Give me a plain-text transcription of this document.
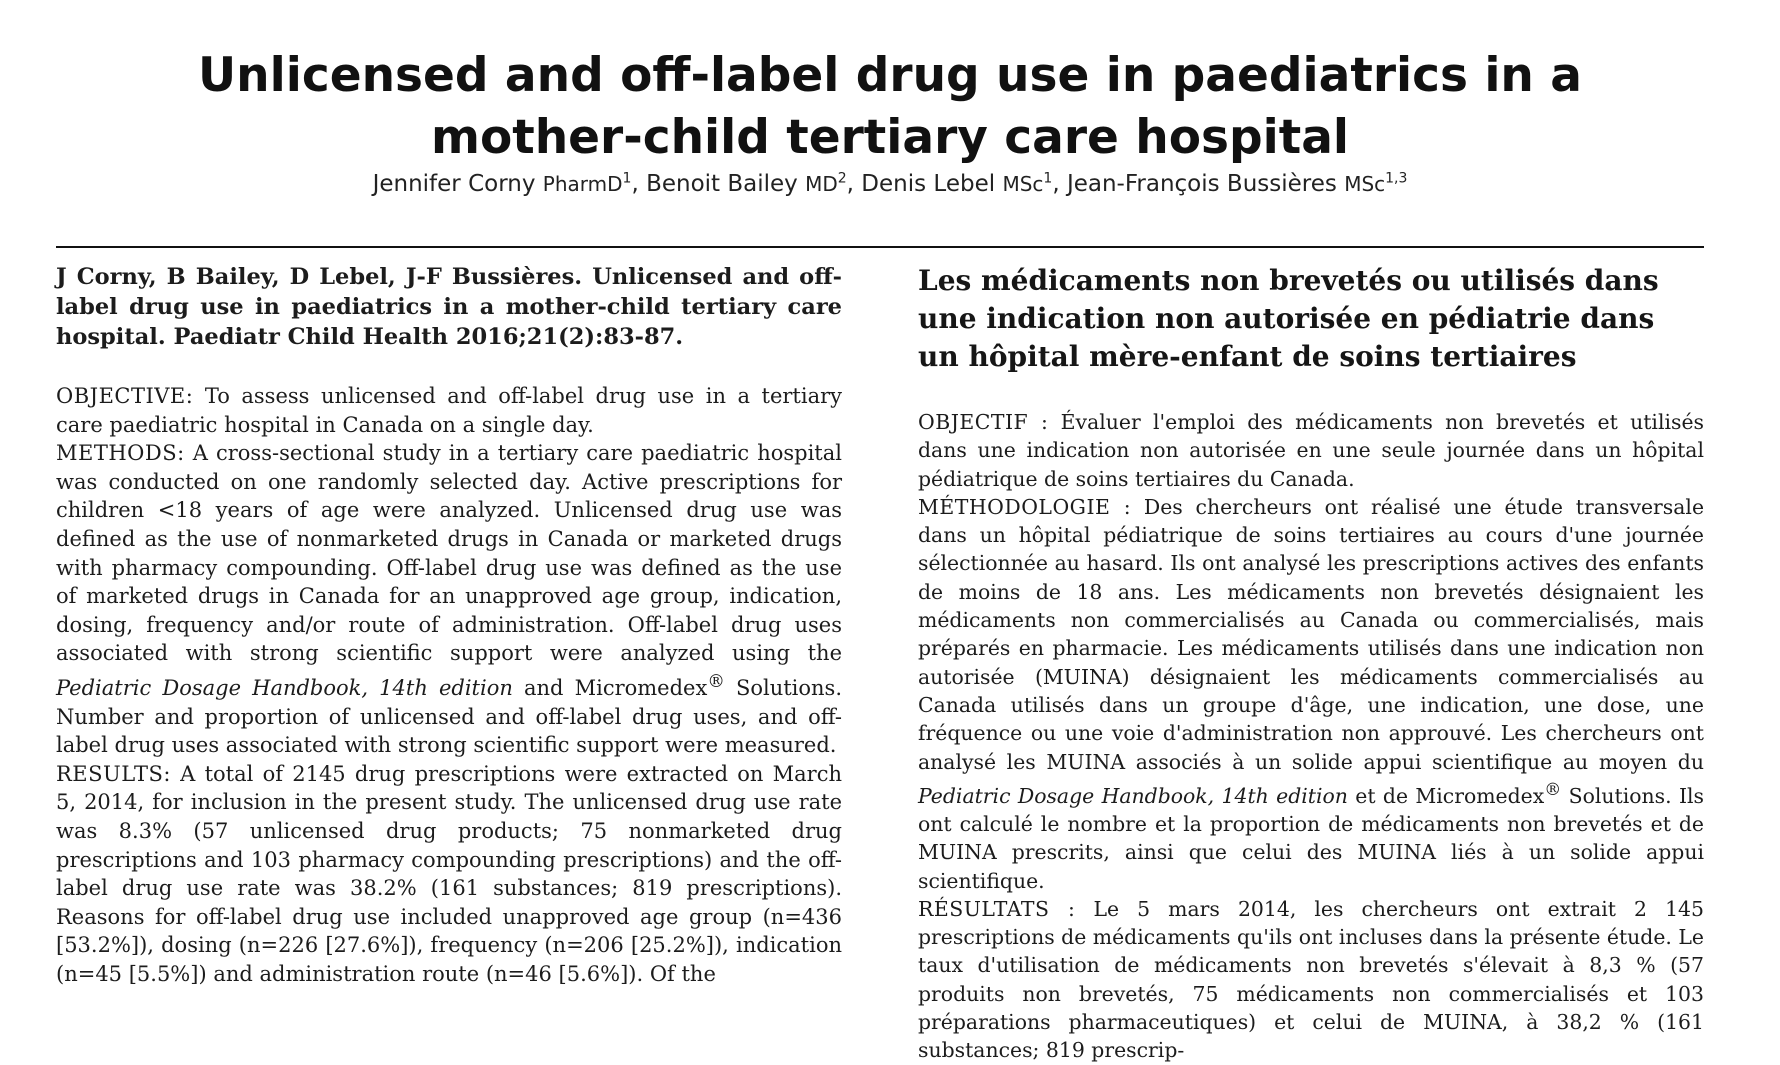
Unlicensed and off-label drug use in paediatrics in a
mother-child tertiary care hospital
Jennifer Corny PharmD$^1$, Benoit Bailey $MD^2$, Denis Lebel MSc$^1$, Jean-François Bussières MSc$^{1,3}$

J Corny, B Bailey, D Lebel, J-F Bussières. Unlicensed and off-label drug use in paediatrics in a mother-child tertiary care hospital. Paediatr Child Health 2016;21(2):83-87.

OBJECTIVE: To assess unlicensed and off-label drug use in a tertiary care paediatric hospital in Canada on a single day.

METHODS: A cross-sectional study in a tertiary care paediatric hospital was conducted on one randomly selected day. Active prescriptions for children <18 years of age were analyzed. Unlicensed drug use was defined as the use of nonmarketed drugs in Canada or marketed drugs with pharmacy compounding. Off-label drug use was defined as the use of marketed drugs in Canada for an unapproved age group, indication, dosing, frequency and/or route of administration. Off-label drug uses associated with strong scientific support were analyzed using the Pediatric Dosage Handbook, 14th edition and Micromedex® Solutions. Number and proportion of unlicensed and off-label drug uses, and off-label drug uses associated with strong scientific support were measured.

RESULTS: A total of 2145 drug prescriptions were extracted on March 5, 2014, for inclusion in the present study. The unlicensed drug use rate was 8.3% (57 unlicensed drug products; 75 nonmarketed drug prescriptions and 103 pharmacy compounding prescriptions) and the off-label drug use rate was 38.2% (161 substances; 819 prescriptions). Reasons for off-label drug use included unapproved age group (n=436 [53.2%]), dosing (n=226 [27.6%]), frequency (n=206 [25.2%]), indication (n=45 [5.5%]) and administration route (n=46 [5.6%]). Of the

Les médicaments non brevetés ou utilisés dans une indication non autorisée en pédiatrie dans un hôpital mère-enfant de soins tertiaires

OBJECTIF : Évaluer l'emploi des médicaments non brevetés et utilisés dans une indication non autorisée en une seule journée dans un hôpital pédiatrique de soins tertiaires du Canada.

MÉTHODOLOGIE : Des chercheurs ont réalisé une étude transversale dans un hôpital pédiatrique de soins tertiaires au cours d'une journée sélectionnée au hasard. Ils ont analysé les prescriptions actives des enfants de moins de 18 ans. Les médicaments non brevetés désignaient les médicaments non commercialisés au Canada ou commercialisés, mais préparés en pharmacie. Les médicaments utilisés dans une indication non autorisée (MUINA) désignaient les médicaments commercialisés au Canada utilisés dans un groupe d'âge, une indication, une dose, une fréquence ou une voie d'administration non approuvé. Les chercheurs ont analysé les MUINA associés à un solide appui scientifique au moyen du Pediatric Dosage Handbook, 14th edition et de Micromedex® Solutions. Ils ont calculé le nombre et la proportion de médicaments non brevetés et de MUINA prescrits, ainsi que celui des MUINA liés à un solide appui scientifique.

RÉSULTATS : Le 5 mars 2014, les chercheurs ont extrait 2 145 prescriptions de médicaments qu'ils ont incluses dans la présente étude. Le taux d'utilisation de médicaments non brevetés s'élevait à 8,3 % (57 produits non brevetés, 75 médicaments non commercialisés et 103 préparations pharmaceutiques) et celui de MUINA, à 38,2 % (161 substances; 819 prescrip-
